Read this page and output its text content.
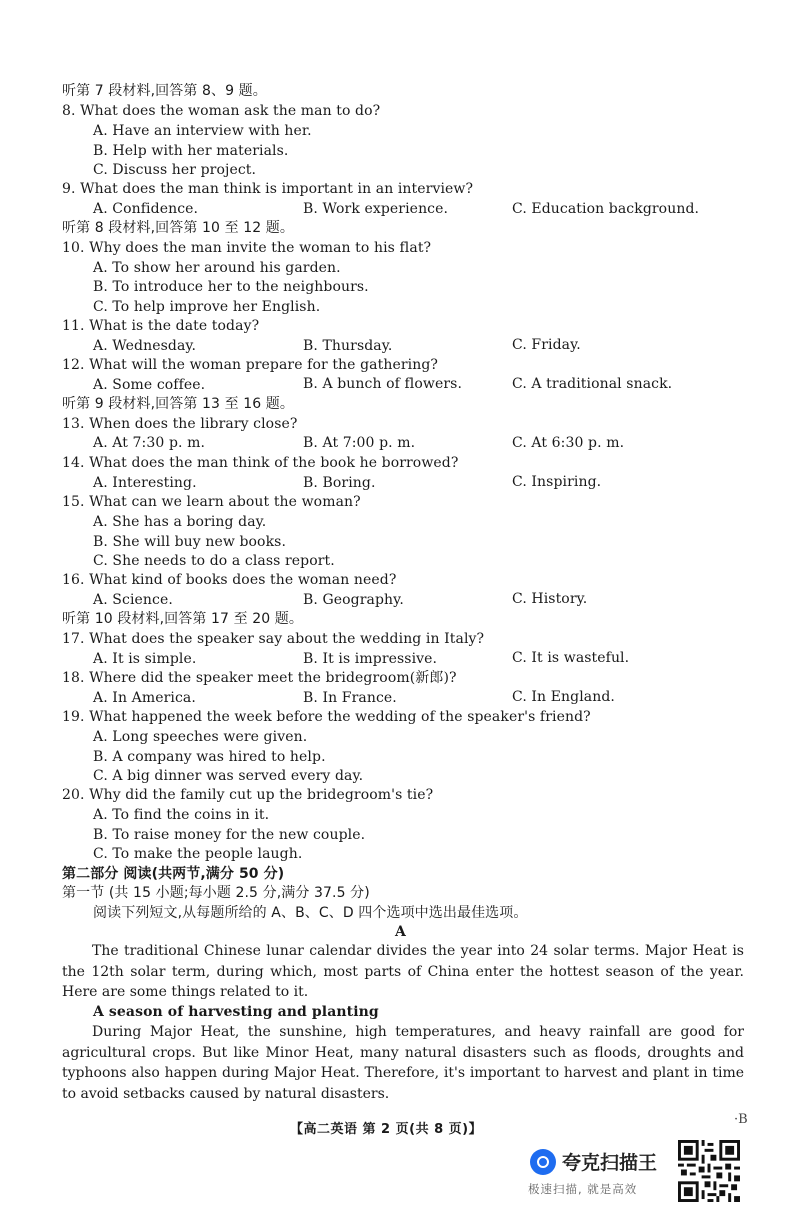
听第 7 段材料,回答第 8、9 题。
8. What does the woman ask the man to do?
A. Have an interview with her.
B. Help with her materials.
C. Discuss her project.
9. What does the man think is important in an interview?
A. Confidence.	B. Work experience.	C. Education background.
听第 8 段材料,回答第 10 至 12 题。
10. Why does the man invite the woman to his flat?
A. To show her around his garden.
B. To introduce her to the neighbours.
C. To help improve her English.
11. What is the date today?
A. Wednesday.	B. Thursday.	C. Friday.
12. What will the woman prepare for the gathering?
A. Some coffee.	B. A bunch of flowers.	C. A traditional snack.
听第 9 段材料,回答第 13 至 16 题。
13. When does the library close?
A. At 7:30 p. m.	B. At 7:00 p. m.	C. At 6:30 p. m.
14. What does the man think of the book he borrowed?
A. Interesting.	B. Boring.	C. Inspiring.
15. What can we learn about the woman?
A. She has a boring day.
B. She will buy new books.
C. She needs to do a class report.
16. What kind of books does the woman need?
A. Science.	B. Geography.	C. History.
听第 10 段材料,回答第 17 至 20 题。
17. What does the speaker say about the wedding in Italy?
A. It is simple.	B. It is impressive.	C. It is wasteful.
18. Where did the speaker meet the bridegroom(新郎)?
A. In America.	B. In France.	C. In England.
19. What happened the week before the wedding of the speaker's friend?
A. Long speeches were given.
B. A company was hired to help.
C. A big dinner was served every day.
20. Why did the family cut up the bridegroom's tie?
A. To find the coins in it.
B. To raise money for the new couple.
C. To make the people laugh.
第二部分 阅读(共两节,满分 50 分)
第一节 (共 15 小题;每小题 2.5 分,满分 37.5 分)
阅读下列短文,从每题所给的 A、B、C、D 四个选项中选出最佳选项。
A
The traditional Chinese lunar calendar divides the year into 24 solar terms. Major Heat is the 12th solar term, during which, most parts of China enter the hottest season of the year. Here are some things related to it.
A season of harvesting and planting
During Major Heat, the sunshine, high temperatures, and heavy rainfall are good for agricultural crops. But like Minor Heat, many natural disasters such as floods, droughts and typhoons also happen during Major Heat. Therefore, it's important to harvest and plant in time to avoid setbacks caused by natural disasters.
【高二英语 第 2 页(共 8 页)】
·B
夸克扫描王
极速扫描, 就是高效
